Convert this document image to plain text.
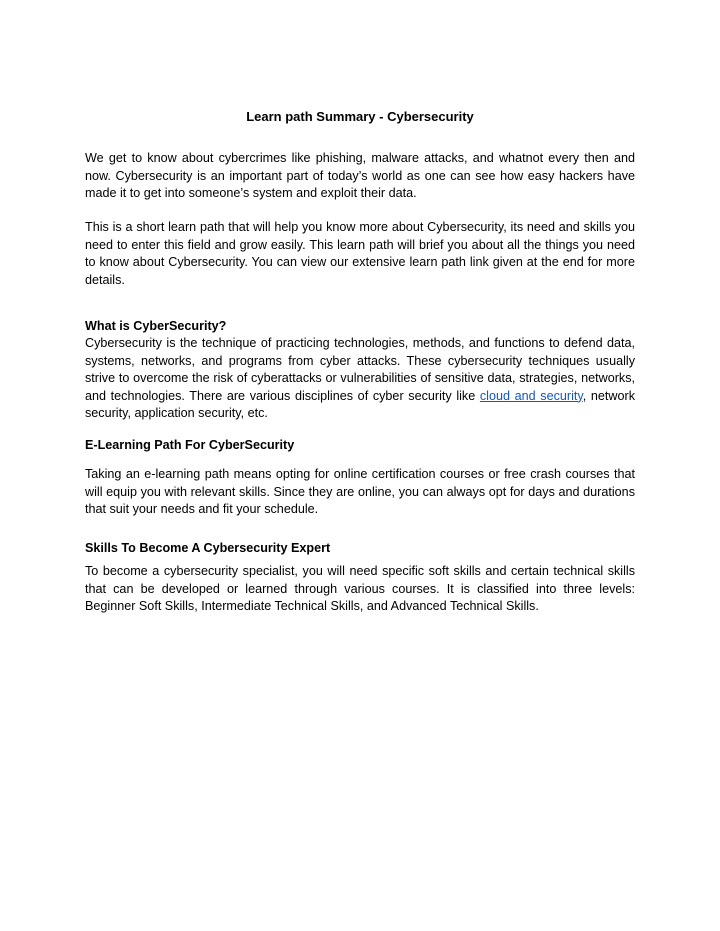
Learn path Summary - Cybersecurity

We get to know about cybercrimes like phishing, malware attacks, and whatnot every then and now. Cybersecurity is an important part of today’s world as one can see how easy hackers have made it to get into someone’s system and exploit their data.

This is a short learn path that will help you know more about Cybersecurity, its need and skills you need to enter this field and grow easily. This learn path will brief you about all the things you need to know about Cybersecurity. You can view our extensive learn path link given at the end for more details.

What is CyberSecurity?

Cybersecurity is the technique of practicing technologies, methods, and functions to defend data, systems, networks, and programs from cyber attacks. These cybersecurity techniques usually strive to overcome the risk of cyberattacks or vulnerabilities of sensitive data, strategies, networks, and technologies. There are various disciplines of cyber security like cloud and security, network security, application security, etc.

E-Learning Path For CyberSecurity

Taking an e-learning path means opting for online certification courses or free crash courses that will equip you with relevant skills. Since they are online, you can always opt for days and durations that suit your needs and fit your schedule.

Skills To Become A Cybersecurity Expert

To become a cybersecurity specialist, you will need specific soft skills and certain technical skills that can be developed or learned through various courses. It is classified into three levels: Beginner Soft Skills, Intermediate Technical Skills, and Advanced Technical Skills.
